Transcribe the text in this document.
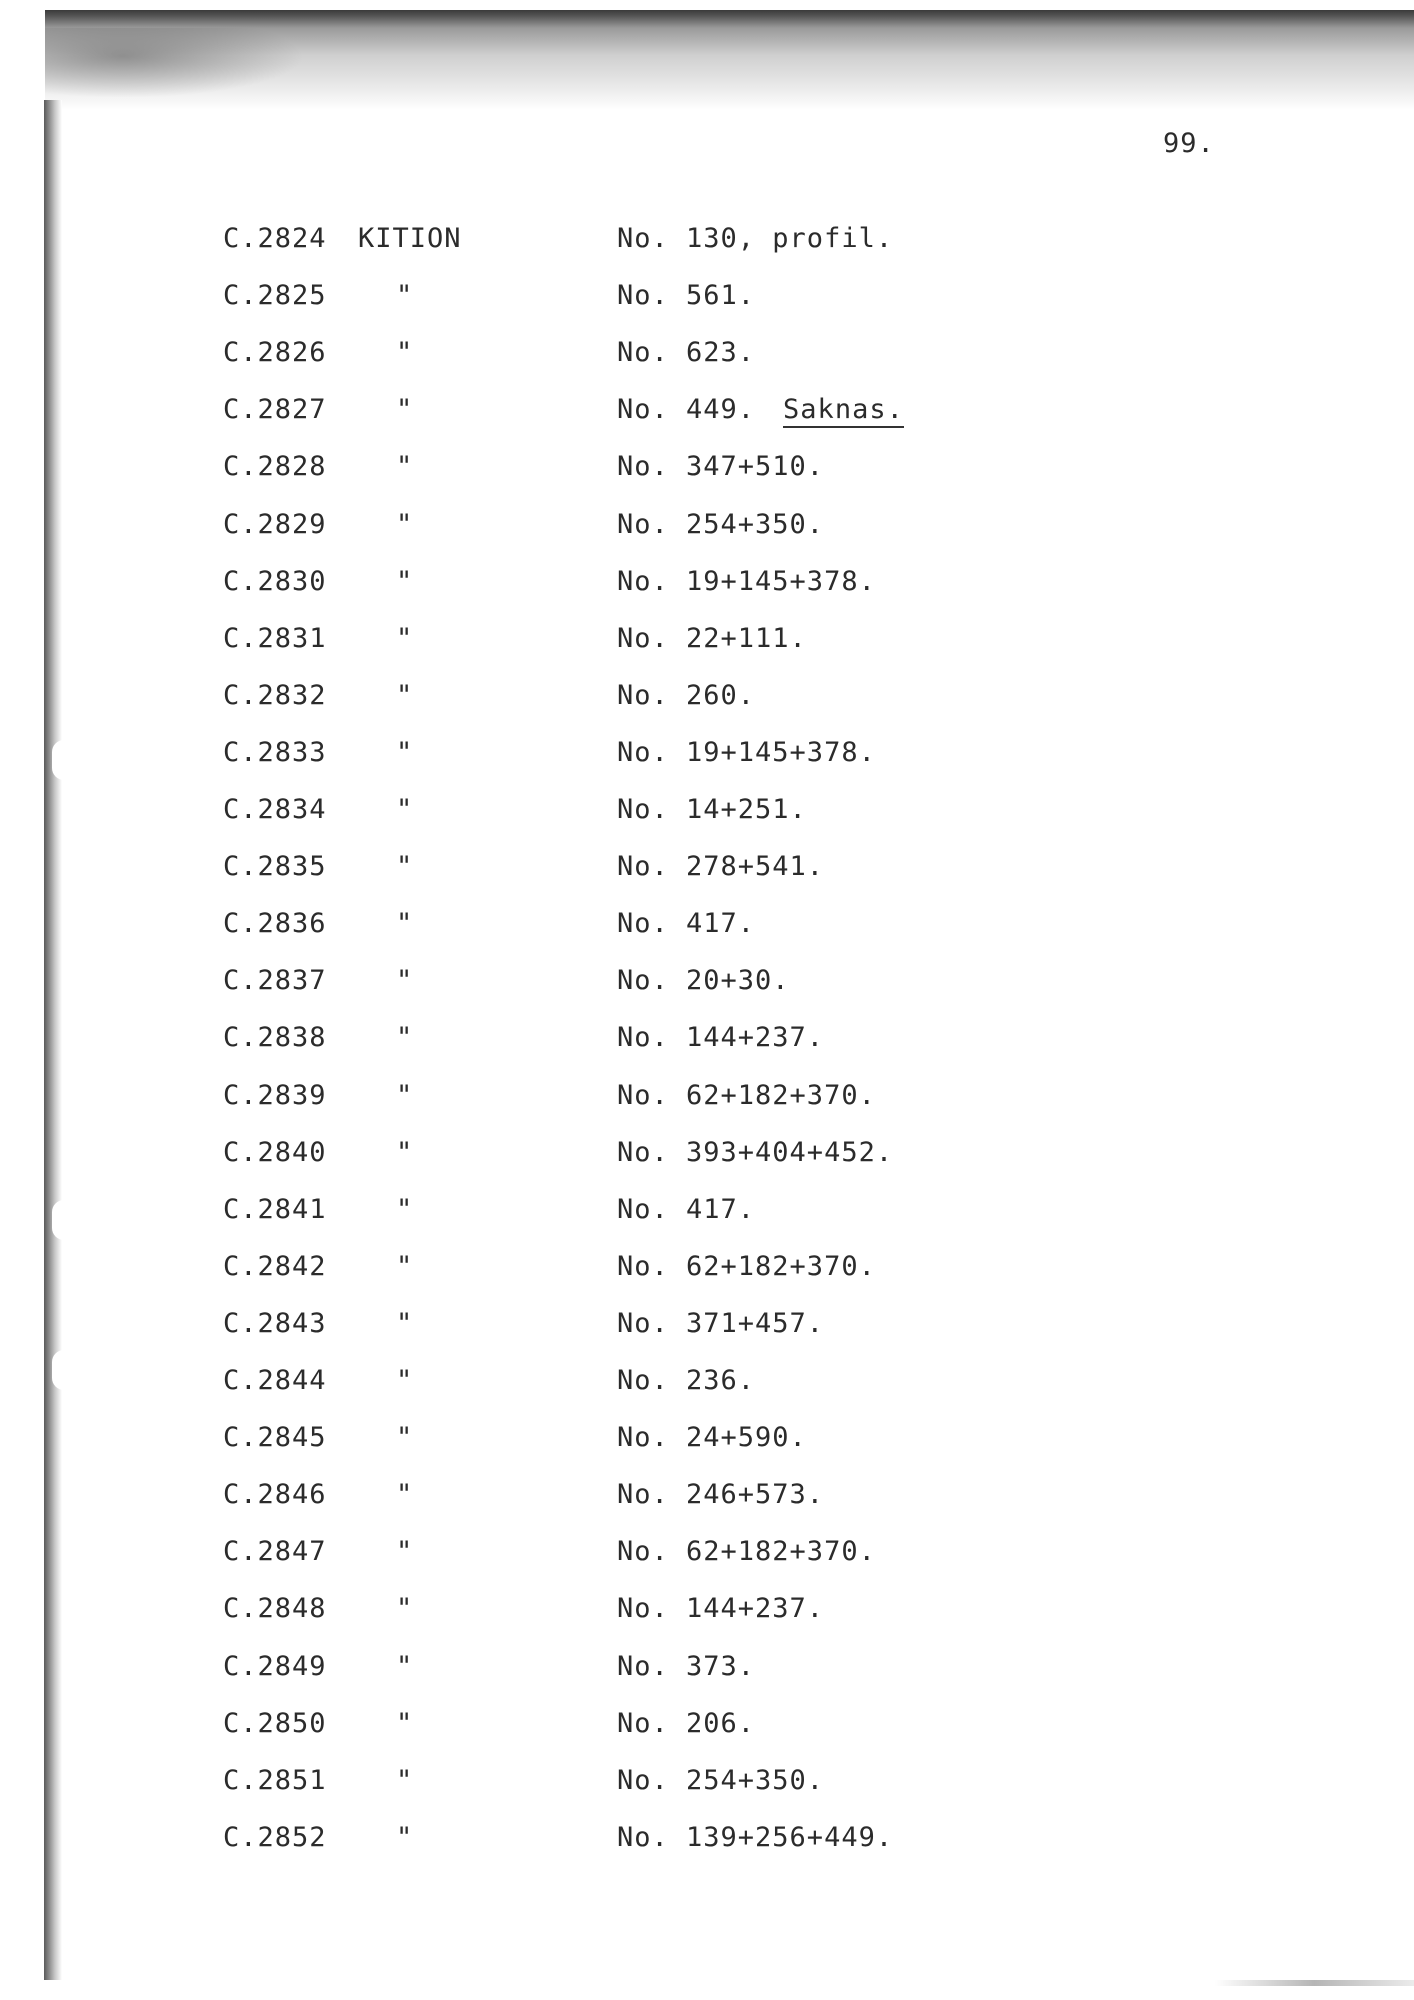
99.
C.2824 KITION	No. 130, profil.
C.2825	"	No. 561.
C.2826	"	No. 623.
C.2827	"	No. 449. Saknas.
C.2828	"	No. 347+510.
C.2829	"	No. 254+350.
C.2830	"	No. 19+145+378.
C.2831	"	No. 22+111.
C.2832	"	No. 260.
C.2833	"	No. 19+145+378.
C.2834	"	No. 14+251.
C.2835	"	No. 278+541.
C.2836	"	No. 417.
C.2837	"	No. 20+30.
C.2838	"	No. 144+237.
C.2839	"	No. 62+182+370.
C.2840	"	No. 393+404+452.
C.2841	"	No. 417.
C.2842	"	No. 62+182+370.
C.2843	"	No. 371+457.
C.2844	"	No. 236.
C.2845	"	No. 24+590.
C.2846	"	No. 246+573.
C.2847	"	No. 62+182+370.
C.2848	"	No. 144+237.
C.2849	"	No. 373.
C.2850	"	No. 206.
C.2851	"	No. 254+350.
C.2852	"	No. 139+256+449.
